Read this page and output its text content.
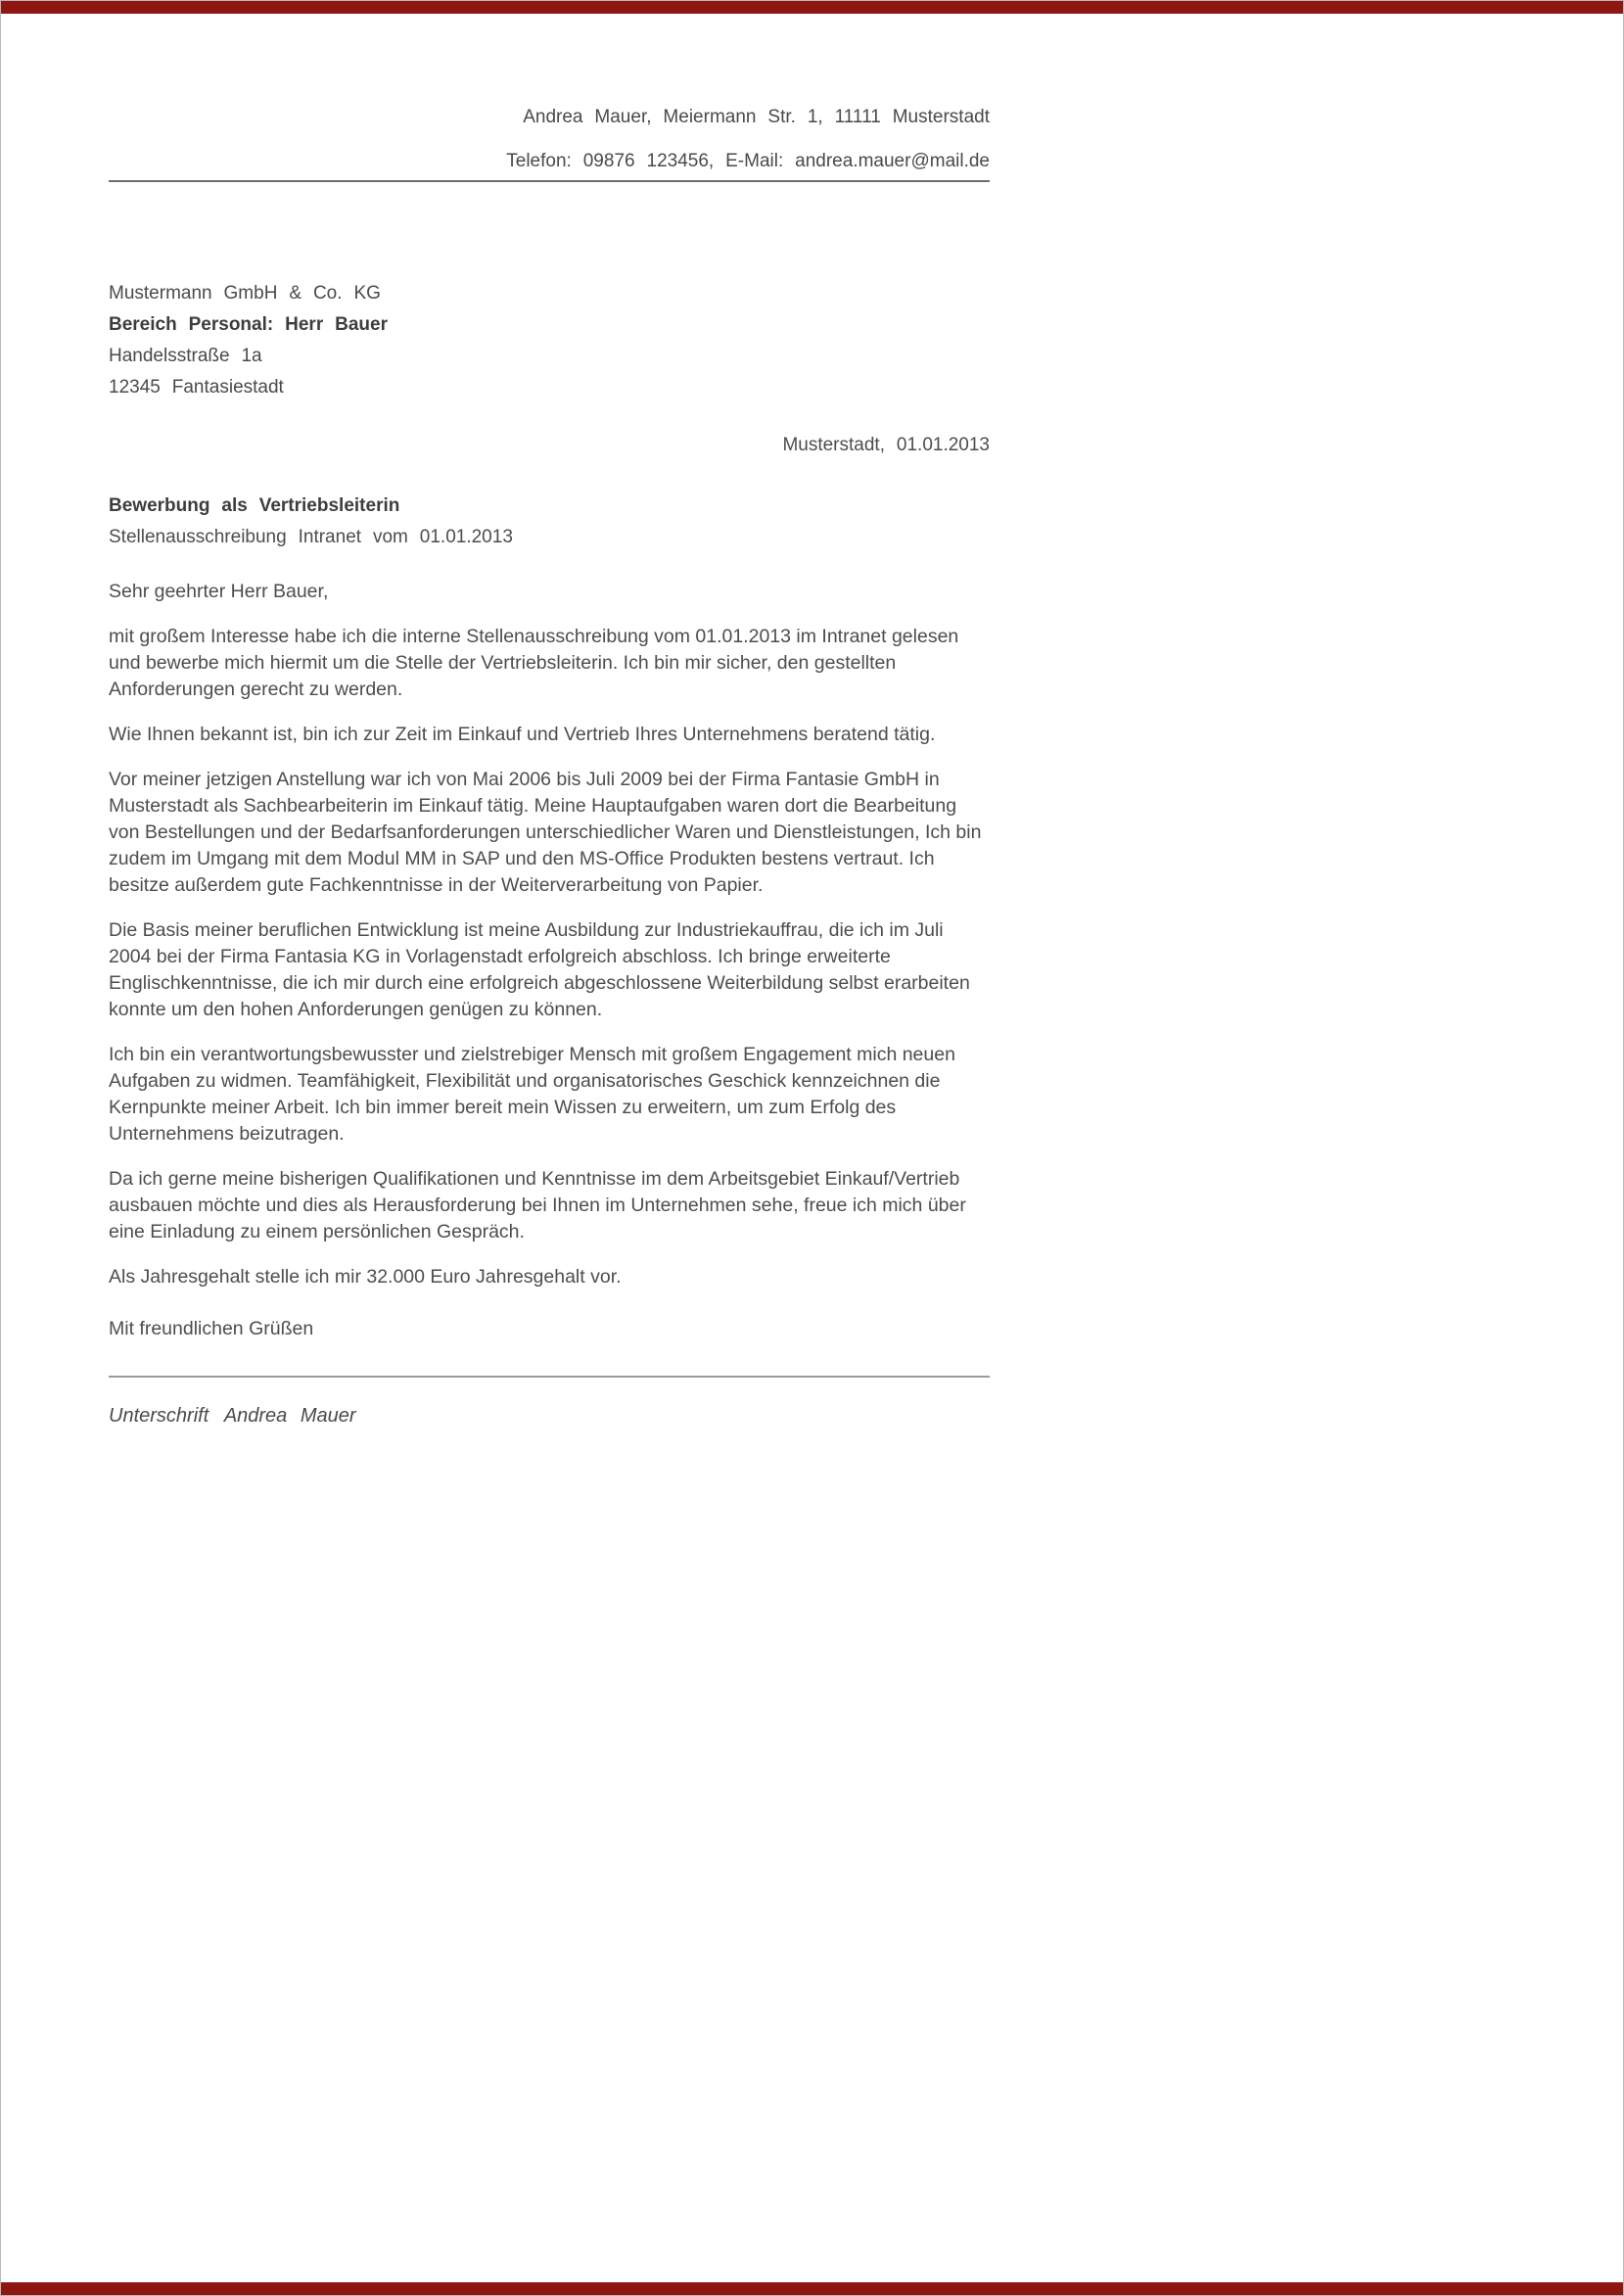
Andrea Mauer, Meiermann Str. 1, 11111 Musterstadt
Telefon: 09876 123456, E-Mail: andrea.mauer@mail.de
Mustermann GmbH & Co. KG
Bereich Personal: Herr Bauer
Handelsstraße 1a
12345 Fantasiestadt
Musterstadt, 01.01.2013
Bewerbung als Vertriebsleiterin
Stellenausschreibung Intranet vom 01.01.2013
Sehr geehrter Herr Bauer,

mit großem Interesse habe ich die interne Stellenausschreibung vom 01.01.2013 im Intranet gelesen und bewerbe mich hiermit um die Stelle der Vertriebsleiterin. Ich bin mir sicher, den gestellten Anforderungen gerecht zu werden.

Wie Ihnen bekannt ist, bin ich zur Zeit im Einkauf und Vertrieb Ihres Unternehmens beratend tätig.

Vor meiner jetzigen Anstellung war ich von Mai 2006 bis Juli 2009 bei der Firma Fantasie GmbH in Musterstadt als Sachbearbeiterin im Einkauf tätig. Meine Hauptaufgaben waren dort die Bearbeitung von Bestellungen und der Bedarfsanforderungen unterschiedlicher Waren und Dienstleistungen, Ich bin zudem im Umgang mit dem Modul MM in SAP und den MS-Office Produkten bestens vertraut. Ich besitze außerdem gute Fachkenntnisse in der Weiterverarbeitung von Papier.

Die Basis meiner beruflichen Entwicklung ist meine Ausbildung zur Industriekauffrau, die ich im Juli 2004 bei der Firma Fantasia KG in Vorlagenstadt erfolgreich abschloss. Ich bringe erweiterte Englischkenntnisse, die ich mir durch eine erfolgreich abgeschlossene Weiterbildung selbst erarbeiten konnte um den hohen Anforderungen genügen zu können.

Ich bin ein verantwortungsbewusster und zielstrebiger Mensch mit großem Engagement mich neuen Aufgaben zu widmen. Teamfähigkeit, Flexibilität und organisatorisches Geschick kennzeichnen die Kernpunkte meiner Arbeit. Ich bin immer bereit mein Wissen zu erweitern, um zum Erfolg des Unternehmens beizutragen.

Da ich gerne meine bisherigen Qualifikationen und Kenntnisse im dem Arbeitsgebiet Einkauf/Vertrieb ausbauen möchte und dies als Herausforderung bei Ihnen im Unternehmen sehe, freue ich mich über eine Einladung zu einem persönlichen Gespräch.

Als Jahresgehalt stelle ich mir 32.000 Euro Jahresgehalt vor.

Mit freundlichen Grüßen
Unterschrift Andrea Mauer
